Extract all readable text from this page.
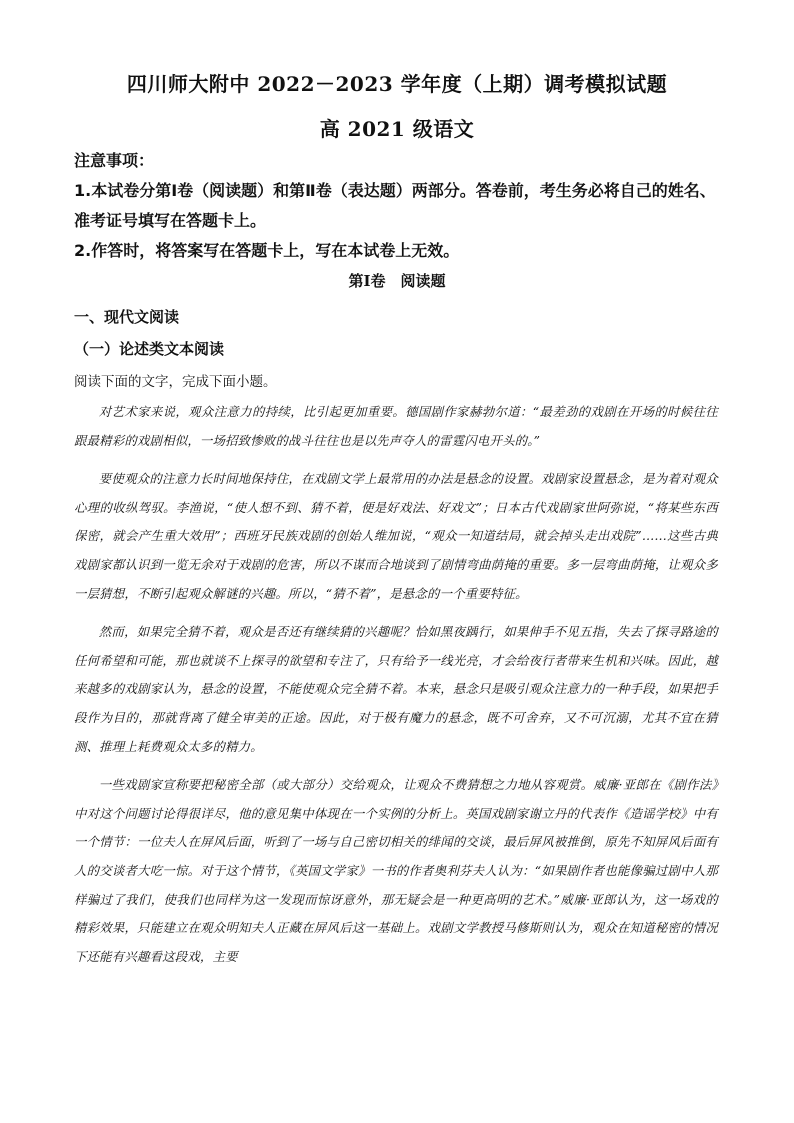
四川师大附中 2022－2023 学年度（上期）调考模拟试题
高 2021 级语文
注意事项：
1.本试卷分第Ⅰ卷（阅读题）和第Ⅱ卷（表达题）两部分。答卷前，考生务必将自己的姓名、准考证号填写在答题卡上。
2.作答时，将答案写在答题卡上，写在本试卷上无效。
第Ⅰ卷　阅读题
一、现代文阅读
（一）论述类文本阅读
阅读下面的文字，完成下面小题。

对艺术家来说，观众注意力的持续，比引起更加重要。德国剧作家赫勃尔道：“最差劲的戏剧在开场的时候往往跟最精彩的戏剧相似，一场招致惨败的战斗往往也是以先声夺人的雷霆闪电开头的。”

要使观众的注意力长时间地保持住，在戏剧文学上最常用的办法是悬念的设置。戏剧家设置悬念，是为着对观众心理的收纵驾驭。李渔说，“使人想不到、猜不着，便是好戏法、好戏文”；日本古代戏剧家世阿弥说，“将某些东西保密，就会产生重大效用”；西班牙民族戏剧的创始人维加说，“观众一知道结局，就会掉头走出戏院”……这些古典戏剧家都认识到一览无余对于戏剧的危害，所以不谋而合地谈到了剧情弯曲荫掩的重要。多一层弯曲荫掩，让观众多一层猜想，不断引起观众解谜的兴趣。所以，“猜不着”，是悬念的一个重要特征。

然而，如果完全猜不着，观众是否还有继续猜的兴趣呢？恰如黑夜踽行，如果伸手不见五指，失去了探寻路途的任何希望和可能，那也就谈不上探寻的欲望和专注了，只有给予一线光亮，才会给夜行者带来生机和兴味。因此，越来越多的戏剧家认为，悬念的设置，不能使观众完全猜不着。本来，悬念只是吸引观众注意力的一种手段，如果把手段作为目的，那就背离了健全审美的正途。因此，对于极有魔力的悬念，既不可舍弃，又不可沉溺，尤其不宜在猜测、推理上耗费观众太多的精力。

一些戏剧家宣称要把秘密全部（或大部分）交给观众，让观众不费猜想之力地从容观赏。威廉·亚郎在《剧作法》中对这个问题讨论得很详尽，他的意见集中体现在一个实例的分析上。英国戏剧家谢立丹的代表作《造谣学校》中有一个情节：一位夫人在屏风后面，听到了一场与自己密切相关的绯闻的交谈，最后屏风被推倒，原先不知屏风后面有人的交谈者大吃一惊。对于这个情节，《英国文学家》一书的作者奥利芬夫人认为：“如果剧作者也能像骗过剧中人那样骗过了我们，使我们也同样为这一发现而惊讶意外，那无疑会是一种更高明的艺术。”威廉·亚郎认为，这一场戏的精彩效果，只能建立在观众明知夫人正藏在屏风后这一基础上。戏剧文学教授马修斯则认为，观众在知道秘密的情况下还能有兴趣看这段戏，主要
